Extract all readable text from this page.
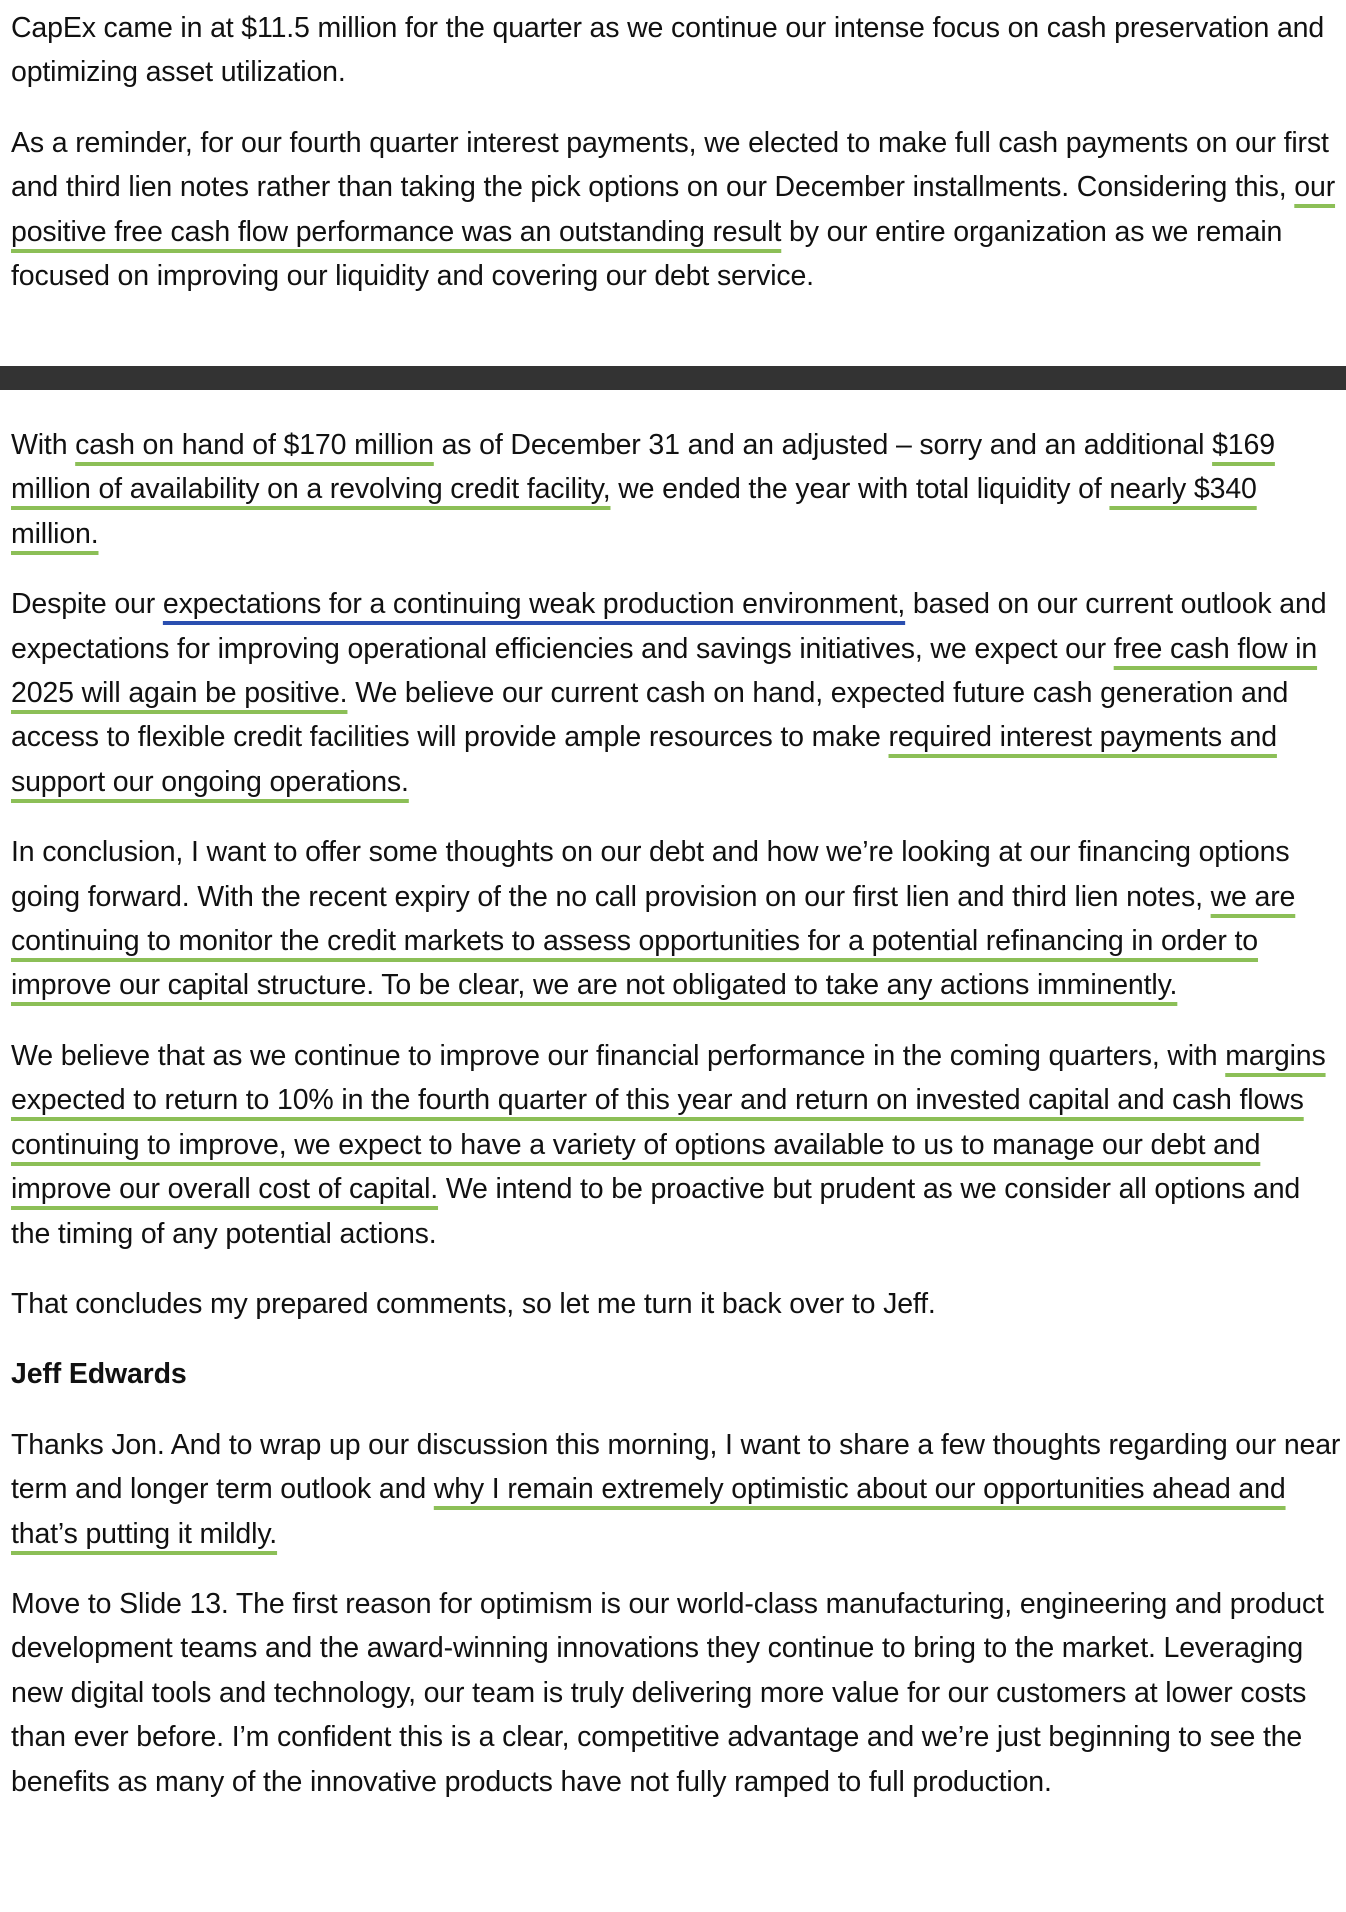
CapEx came in at $11.5 million for the quarter as we continue our intense focus on cash preservation and optimizing asset utilization.

As a reminder, for our fourth quarter interest payments, we elected to make full cash payments on our first and third lien notes rather than taking the pick options on our December installments. Considering this, our positive free cash flow performance was an outstanding result by our entire organization as we remain focused on improving our liquidity and covering our debt service.

With cash on hand of $170 million as of December 31 and an adjusted – sorry and an additional $169 million of availability on a revolving credit facility, we ended the year with total liquidity of nearly $340 million.

Despite our expectations for a continuing weak production environment, based on our current outlook and expectations for improving operational efficiencies and savings initiatives, we expect our free cash flow in 2025 will again be positive. We believe our current cash on hand, expected future cash generation and access to flexible credit facilities will provide ample resources to make required interest payments and support our ongoing operations.

In conclusion, I want to offer some thoughts on our debt and how we’re looking at our financing options going forward. With the recent expiry of the no call provision on our first lien and third lien notes, we are continuing to monitor the credit markets to assess opportunities for a potential refinancing in order to improve our capital structure. To be clear, we are not obligated to take any actions imminently.

We believe that as we continue to improve our financial performance in the coming quarters, with margins expected to return to 10% in the fourth quarter of this year and return on invested capital and cash flows continuing to improve, we expect to have a variety of options available to us to manage our debt and improve our overall cost of capital. We intend to be proactive but prudent as we consider all options and the timing of any potential actions.

That concludes my prepared comments, so let me turn it back over to Jeff.

Jeff Edwards

Thanks Jon. And to wrap up our discussion this morning, I want to share a few thoughts regarding our near term and longer term outlook and why I remain extremely optimistic about our opportunities ahead and that’s putting it mildly.

Move to Slide 13. The first reason for optimism is our world-class manufacturing, engineering and product development teams and the award-winning innovations they continue to bring to the market. Leveraging new digital tools and technology, our team is truly delivering more value for our customers at lower costs than ever before. I’m confident this is a clear, competitive advantage and we’re just beginning to see the benefits as many of the innovative products have not fully ramped to full production.
